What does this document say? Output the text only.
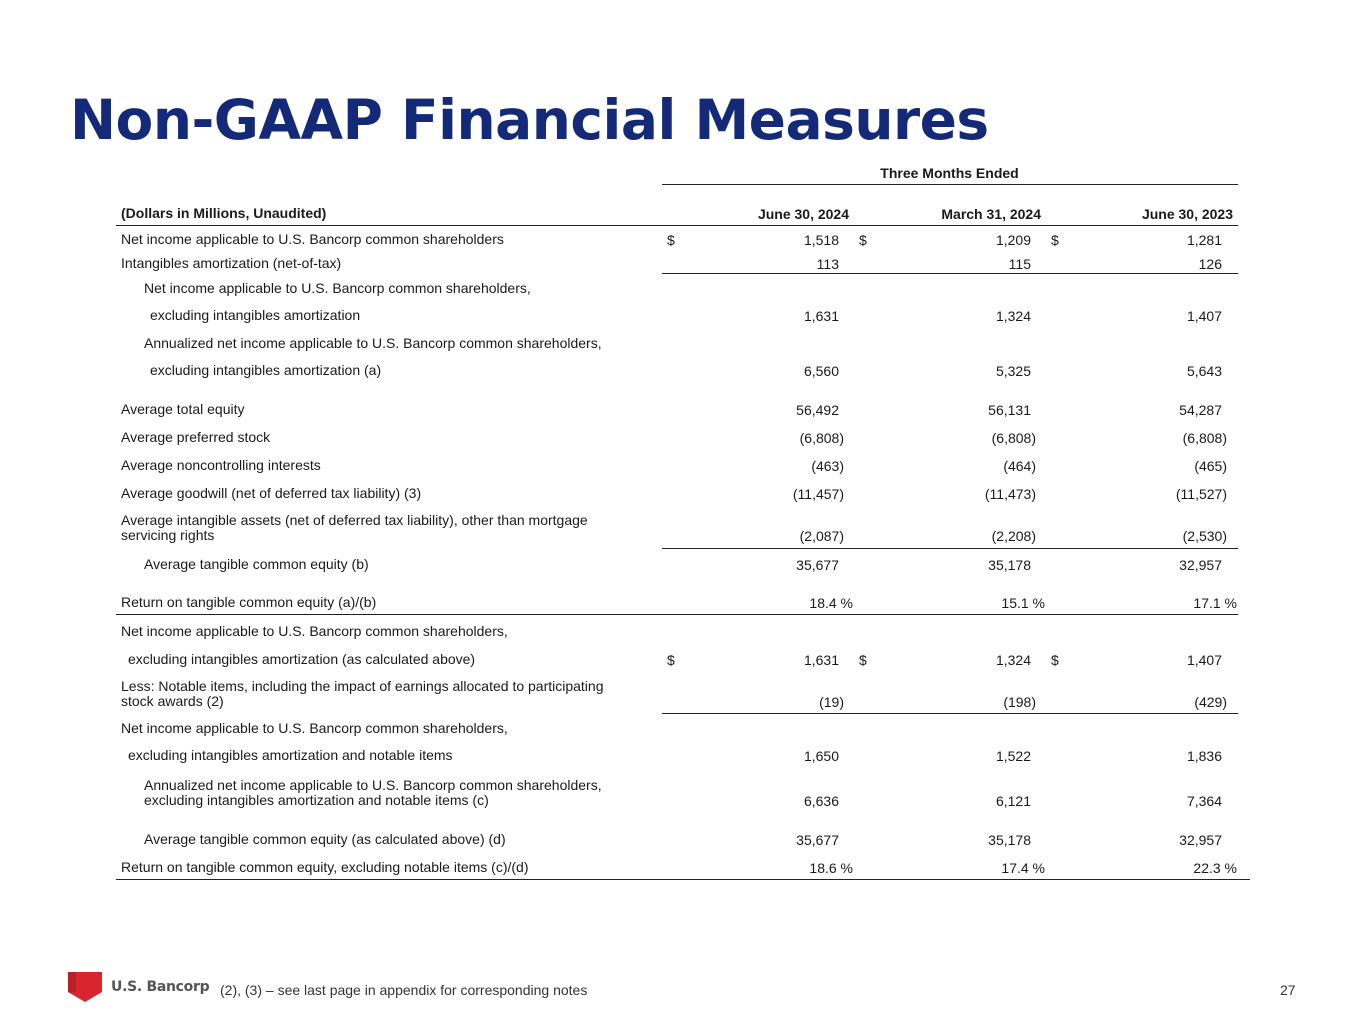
Non-GAAP Financial Measures
Three Months Ended
(Dollars in Millions, Unaudited)	June 30, 2024	March 31, 2024	June 30, 2023
Net income applicable to U.S. Bancorp common shareholders	$	1,518 $	1,209 $	1,281
Intangibles amortization (net-of-tax)	113	115	126
Net income applicable to U.S. Bancorp common shareholders,
excluding intangibles amortization	1,631	1,324	1,407
Annualized net income applicable to U.S. Bancorp common shareholders,
excluding intangibles amortization (a)	6,560	5,325	5,643
Average total equity	56,492	56,131	54,287
Average preferred stock	(6,808)	(6,808)	(6,808)
Average noncontrolling interests	(463)	(464)	(465)
Average goodwill (net of deferred tax liability) (3)	(11,457)	(11,473)	(11,527)
Average intangible assets (net of deferred tax liability), other than mortgage
servicing rights	(2,087)	(2,208)	(2,530)
Average tangible common equity (b)	35,677	35,178	32,957
Return on tangible common equity (a)/(b)	18.4 %	15.1 %	17.1 %
Net income applicable to U.S. Bancorp common shareholders,
excluding intangibles amortization (as calculated above)	$	1,631 $	1,324 $	1,407
Less: Notable items, including the impact of earnings allocated to participating
stock awards (2)	(19)	(198)	(429)
Net income applicable to U.S. Bancorp common shareholders,
excluding intangibles amortization and notable items	1,650	1,522	1,836
Annualized net income applicable to U.S. Bancorp common shareholders,
excluding intangibles amortization and notable items (c)	6,636	6,121	7,364
Average tangible common equity (as calculated above) (d)	35,677	35,178	32,957
Return on tangible common equity, excluding notable items (c)/(d)	18.6 %	17.4 %	22.3 %
U.S. Bancorp (2), (3) – see last page in appendix for corresponding notes	27
